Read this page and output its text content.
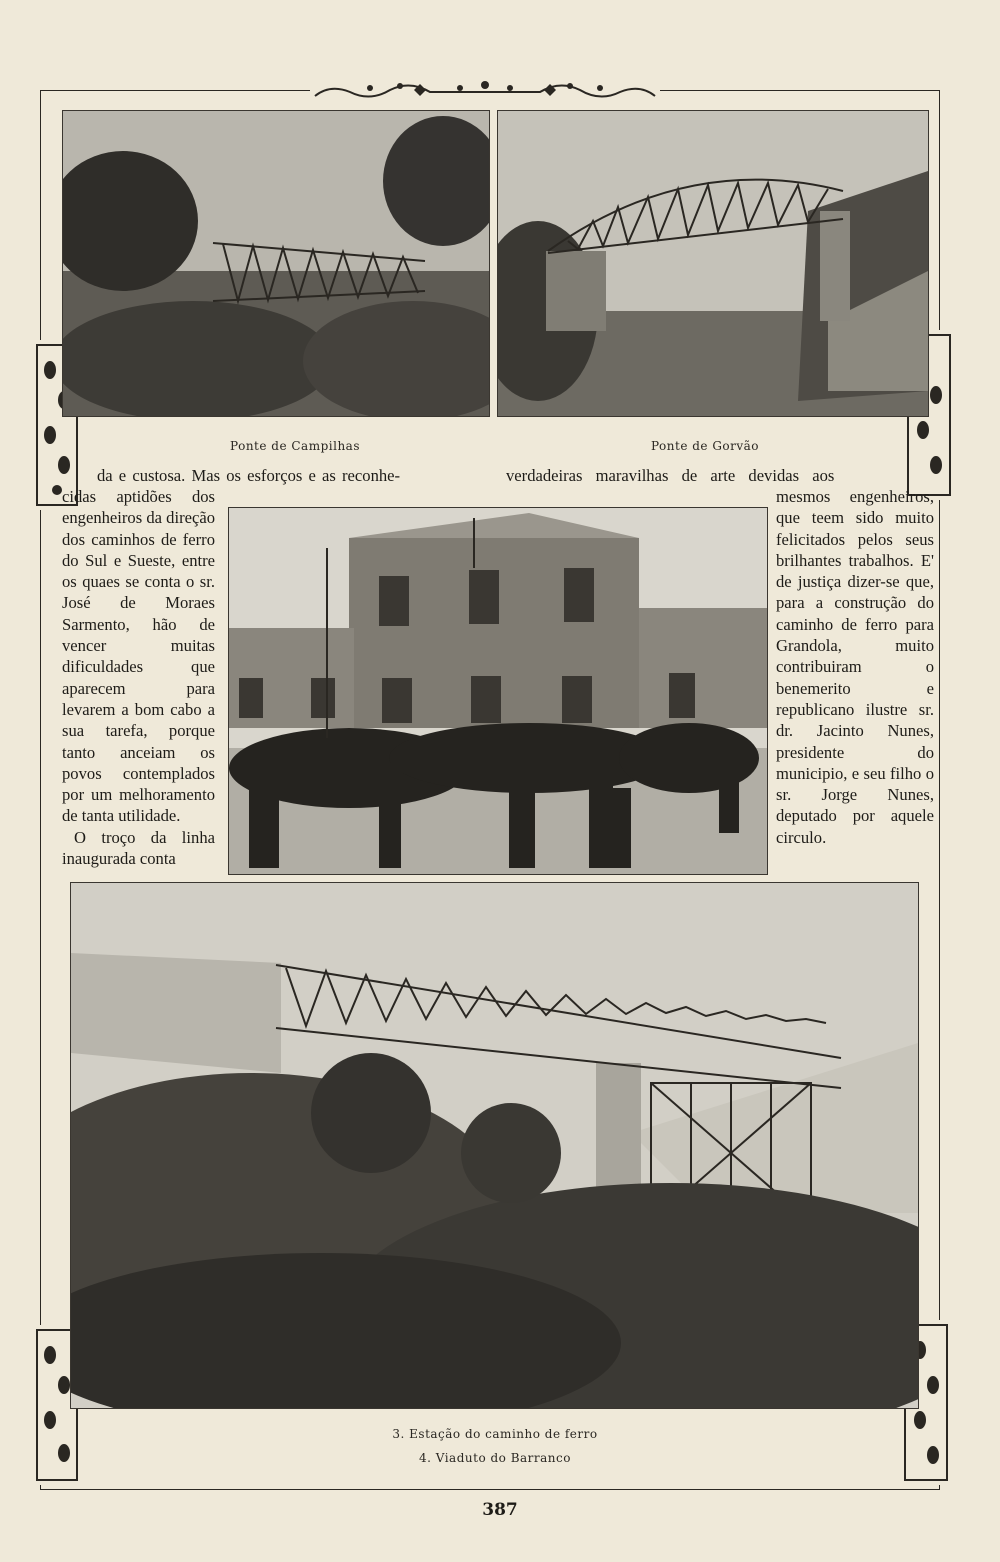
Ponte de Campilhas	Ponte de Gorvão
da e custosa. Mas os esforços e as reconhe-

cidas aptidões dos engenheiros da direção dos caminhos de ferro do Sul e Sueste, entre os quaes se conta o sr. José de Moraes Sarmento, hão de vencer muitas dificuldades que aparecem para levarem a bom cabo a sua tarefa, porque tanto anceiam os povos contemplados por um melhoramento de tanta utilidade.

O troço da linha inaugurada conta

verdadeiras maravilhas de arte devidas aos
mesmos engenheiros, que teem sido muito felicitados pelos seus brilhantes trabalhos. E' de justiça dizer-se que, para a construção do caminho de ferro para Grandola, muito contribuiram o benemerito e republicano ilustre sr. dr. Jacinto Nunes, presidente do municipio, e seu filho o sr. Jorge Nunes, deputado por aquele circulo.
3. Estação do caminho de ferro
4. Viaduto do Barranco
387
